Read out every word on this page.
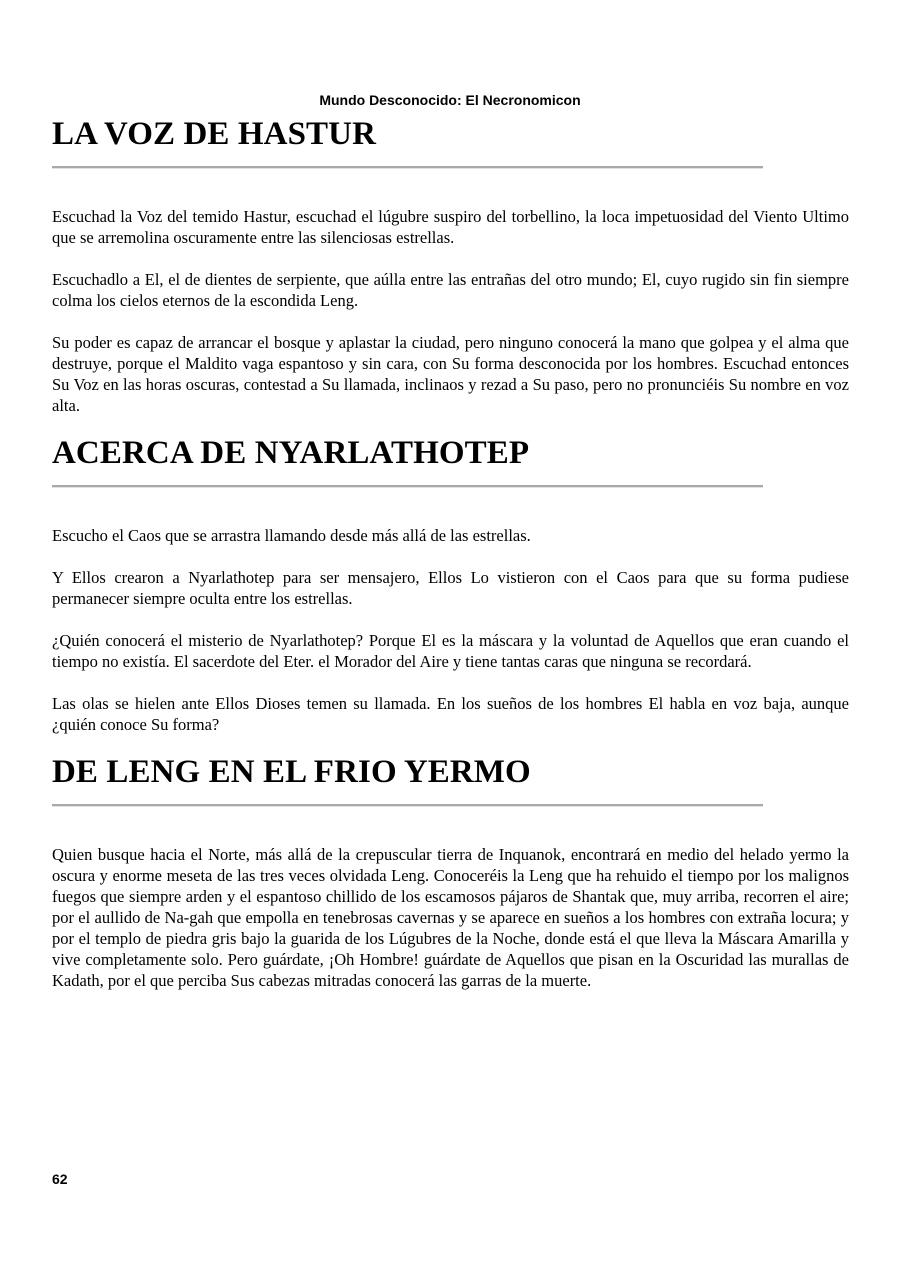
Mundo Desconocido: El Necronomicon
LA VOZ DE HASTUR

Escuchad la Voz del temido Hastur, escuchad el lúgubre suspiro del torbellino, la loca impetuosidad del Viento Ultimo que se arremolina oscuramente entre las silenciosas estrellas.

Escuchadlo a El, el de dientes de serpiente, que aúlla entre las entrañas del otro mundo; El, cuyo rugido sin fin siempre colma los cielos eternos de la escondida Leng.

Su poder es capaz de arrancar el bosque y aplastar la ciudad, pero ninguno conocerá la mano que golpea y el alma que destruye, porque el Maldito vaga espantoso y sin cara, con Su forma desconocida por los hombres. Escuchad entonces Su Voz en las horas oscuras, contestad a Su llamada, inclinaos y rezad a Su paso, pero no pronunciéis Su nombre en voz alta.

ACERCA DE NYARLATHOTEP

Escucho el Caos que se arrastra llamando desde más allá de las estrellas.

Y Ellos crearon a Nyarlathotep para ser mensajero, Ellos Lo vistieron con el Caos para que su forma pudiese permanecer siempre oculta entre los estrellas.

¿Quién conocerá el misterio de Nyarlathotep? Porque El es la máscara y la voluntad de Aquellos que eran cuando el tiempo no existía. El sacerdote del Eter. el Morador del Aire y tiene tantas caras que ninguna se recordará.

Las olas se hielen ante Ellos Dioses temen su llamada. En los sueños de los hombres El habla en voz baja, aunque ¿quién conoce Su forma?

DE LENG EN EL FRIO YERMO

Quien busque hacia el Norte, más allá de la crepuscular tierra de Inquanok, encontrará en medio del helado yermo la oscura y enorme meseta de las tres veces olvidada Leng. Conoceréis la Leng que ha rehuido el tiempo por los malignos fuegos que siempre arden y el espantoso chillido de los escamosos pájaros de Shantak que, muy arriba, recorren el aire; por el aullido de Na-gah que empolla en tenebrosas cavernas y se aparece en sueños a los hombres con extraña locura; y por el templo de piedra gris bajo la guarida de los Lúgubres de la Noche, donde está el que lleva la Máscara Amarilla y vive completamente solo. Pero guárdate, ¡Oh Hombre! guárdate de Aquellos que pisan en la Oscuridad las murallas de Kadath, por el que perciba Sus cabezas mitradas conocerá las garras de la muerte.

62
